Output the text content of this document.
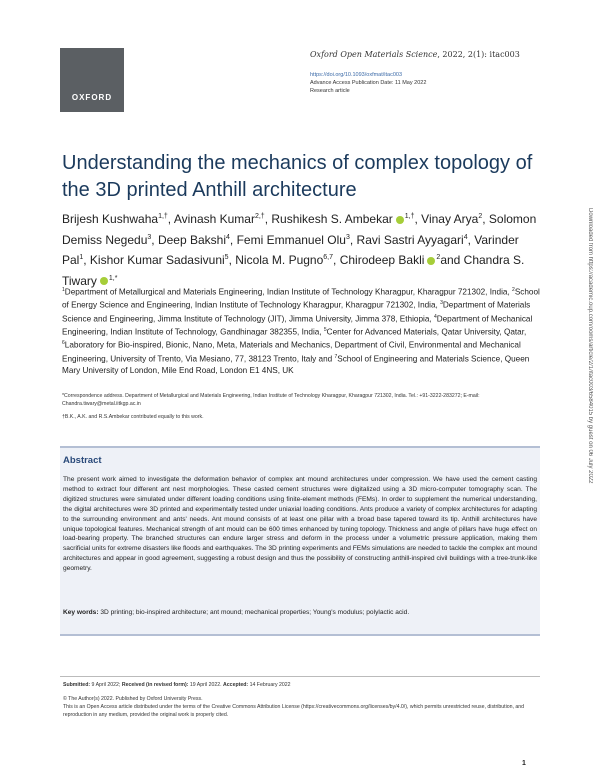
OXFORD
Oxford Open Materials Science, 2022, 2(1): itac003
https://doi.org/10.1093/oxfmat/itac003
Advance Access Publication Date: 11 May 2022
Research article
Understanding the mechanics of complex topology of the 3D printed Anthill architecture
Brijesh Kushwaha$^{1,\dagger}$, Avinash Kumar$^{2,\dagger}$, Rushikesh S. Ambekar $^{1,\dagger}$, Vinay Arya$^2$, Solomon Demiss Negedu$^3$, Deep Bakshi$^4$, Femi Emmanuel Olu$^3$, Ravi Sastri Ayyagari$^4$, Varinder Pal$^1$, Kishor Kumar Sadasivuni$^5$, Nicola M. Pugno$^{6,7}$, Chirodeep Bakli $^2$and Chandra S. Tiwary $^{1,*}$
$^1$Department of Metallurgical and Materials Engineering, Indian Institute of Technology Kharagpur, Kharagpur 721302, India, $^2$School of Energy Science and Engineering, Indian Institute of Technology Kharagpur, Kharagpur 721302, India, $^3$Department of Materials Science and Engineering, Jimma Institute of Technology (JIT), Jimma University, Jimma 378, Ethiopia, $^4$Department of Mechanical Engineering, Indian Institute of Technology, Gandhinagar 382355, India, $^5$Center for Advanced Materials, Qatar University, Qatar, $^6$Laboratory for Bio-inspired, Bionic, Nano, Meta, Materials and Mechanics, Department of Civil, Environmental and Mechanical Engineering, University of Trento, Via Mesiano, 77, 38123 Trento, Italy and $^7$School of Engineering and Materials Science, Queen Mary University of London, Mile End Road, London E1 4NS, UK

*Correspondence address. Department of Metallurgical and Materials Engineering, Indian Institute of Technology Kharagpur, Kharagpur 721302, India. Tel.: +91-3222-283272; E-mail: Chandra.tiwary@metal.iitkgp.ac.in

†B.K., A.K. and R.S.Ambekar contributed equally to this work.

Abstract

The present work aimed to investigate the deformation behavior of complex ant mound architectures under compression. We have used the cement casting method to extract four different ant nest morphologies. These casted cement structures were digitalized using a 3D micro-computer tomography scan. The digitized structures were simulated under different loading conditions using finite-element methods (FEMs). In order to supplement the numerical understanding, the digital architectures were 3D printed and experimentally tested under uniaxial loading conditions. Ants produce a variety of complex architectures for adapting to the surrounding environment and ants' needs. Ant mound consists of at least one pillar with a broad base tapered toward its tip. Anthill architectures have unique topological features. Mechanical strength of ant mould can be 600 times enhanced by tuning topology. Thickness and angle of pillars have huge effect on load-bearing property. The branched structures can endure larger stress and deform in the process under a volumetric pressure application, making them sacrificial units for extreme disasters like floods and earthquakes. The 3D printing experiments and FEMs simulations are needed to tackle the complex ant mound architectures and appear in good agreement, suggesting a robust design and thus the possibility of constructing anthill-inspired civil buildings with a tree-trunk-like geometry.

Key words: 3D printing; bio-inspired architecture; ant mound; mechanical properties; Young's modulus; polylactic acid.

Submitted: 9 April 2022; Received (in revised form): 19 April 2022. Accepted: 14 February 2022
© The Author(s) 2022. Published by Oxford University Press.
This is an Open Access article distributed under the terms of the Creative Commons Attribution License (https://creativecommons.org/licenses/by/4.0/), which permits unrestricted reuse, distribution, and reproduction in any medium, provided the original work is properly cited.
1
Downloaded from https://academic.oup.com/ooms/article/2/1/itac003/6584015 by guest on 06 July 2022
